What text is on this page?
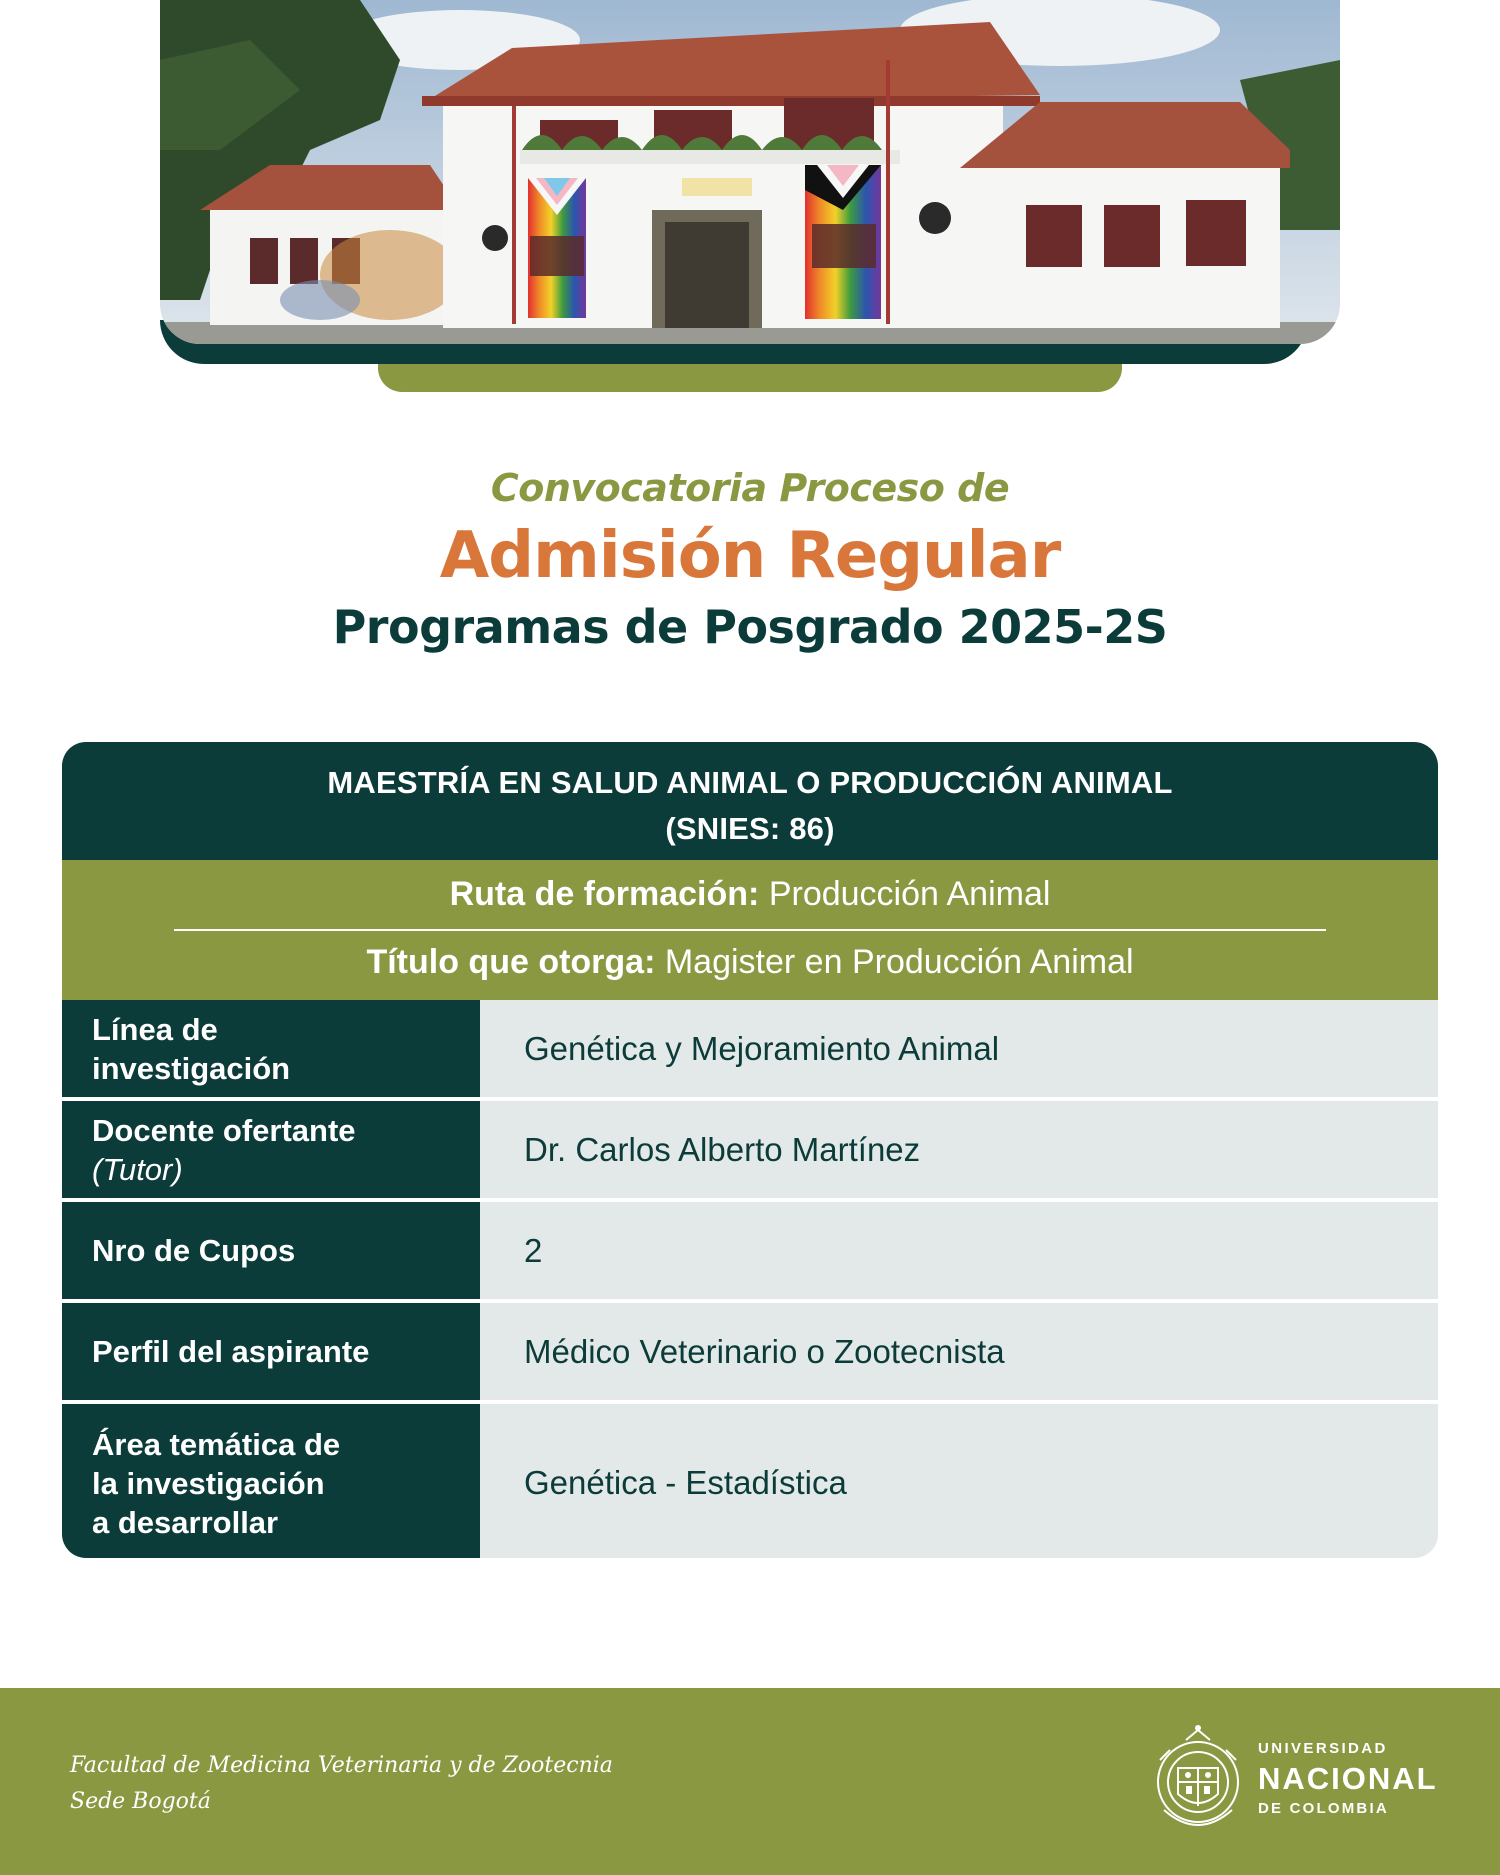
Convocatoria Proceso de
Admisión Regular
Programas de Posgrado 2025-2S
MAESTRÍA EN SALUD ANIMAL O PRODUCCIÓN ANIMAL
(SNIES: 86)
Ruta de formación: Producción Animal
Título que otorga: Magister en Producción Animal
Línea de
investigación
Genética y Mejoramiento Animal
Docente ofertante
(Tutor)
Dr. Carlos Alberto Martínez
Nro de Cupos	2
Perfil del aspirante	Médico Veterinario o Zootecnista
Área temática de
la investigación
a desarrollar
Genética - Estadística
Facultad de Medicina Veterinaria y de Zootecnia
Sede Bogotá
UNIVERSIDAD
NACIONAL
DE COLOMBIA
